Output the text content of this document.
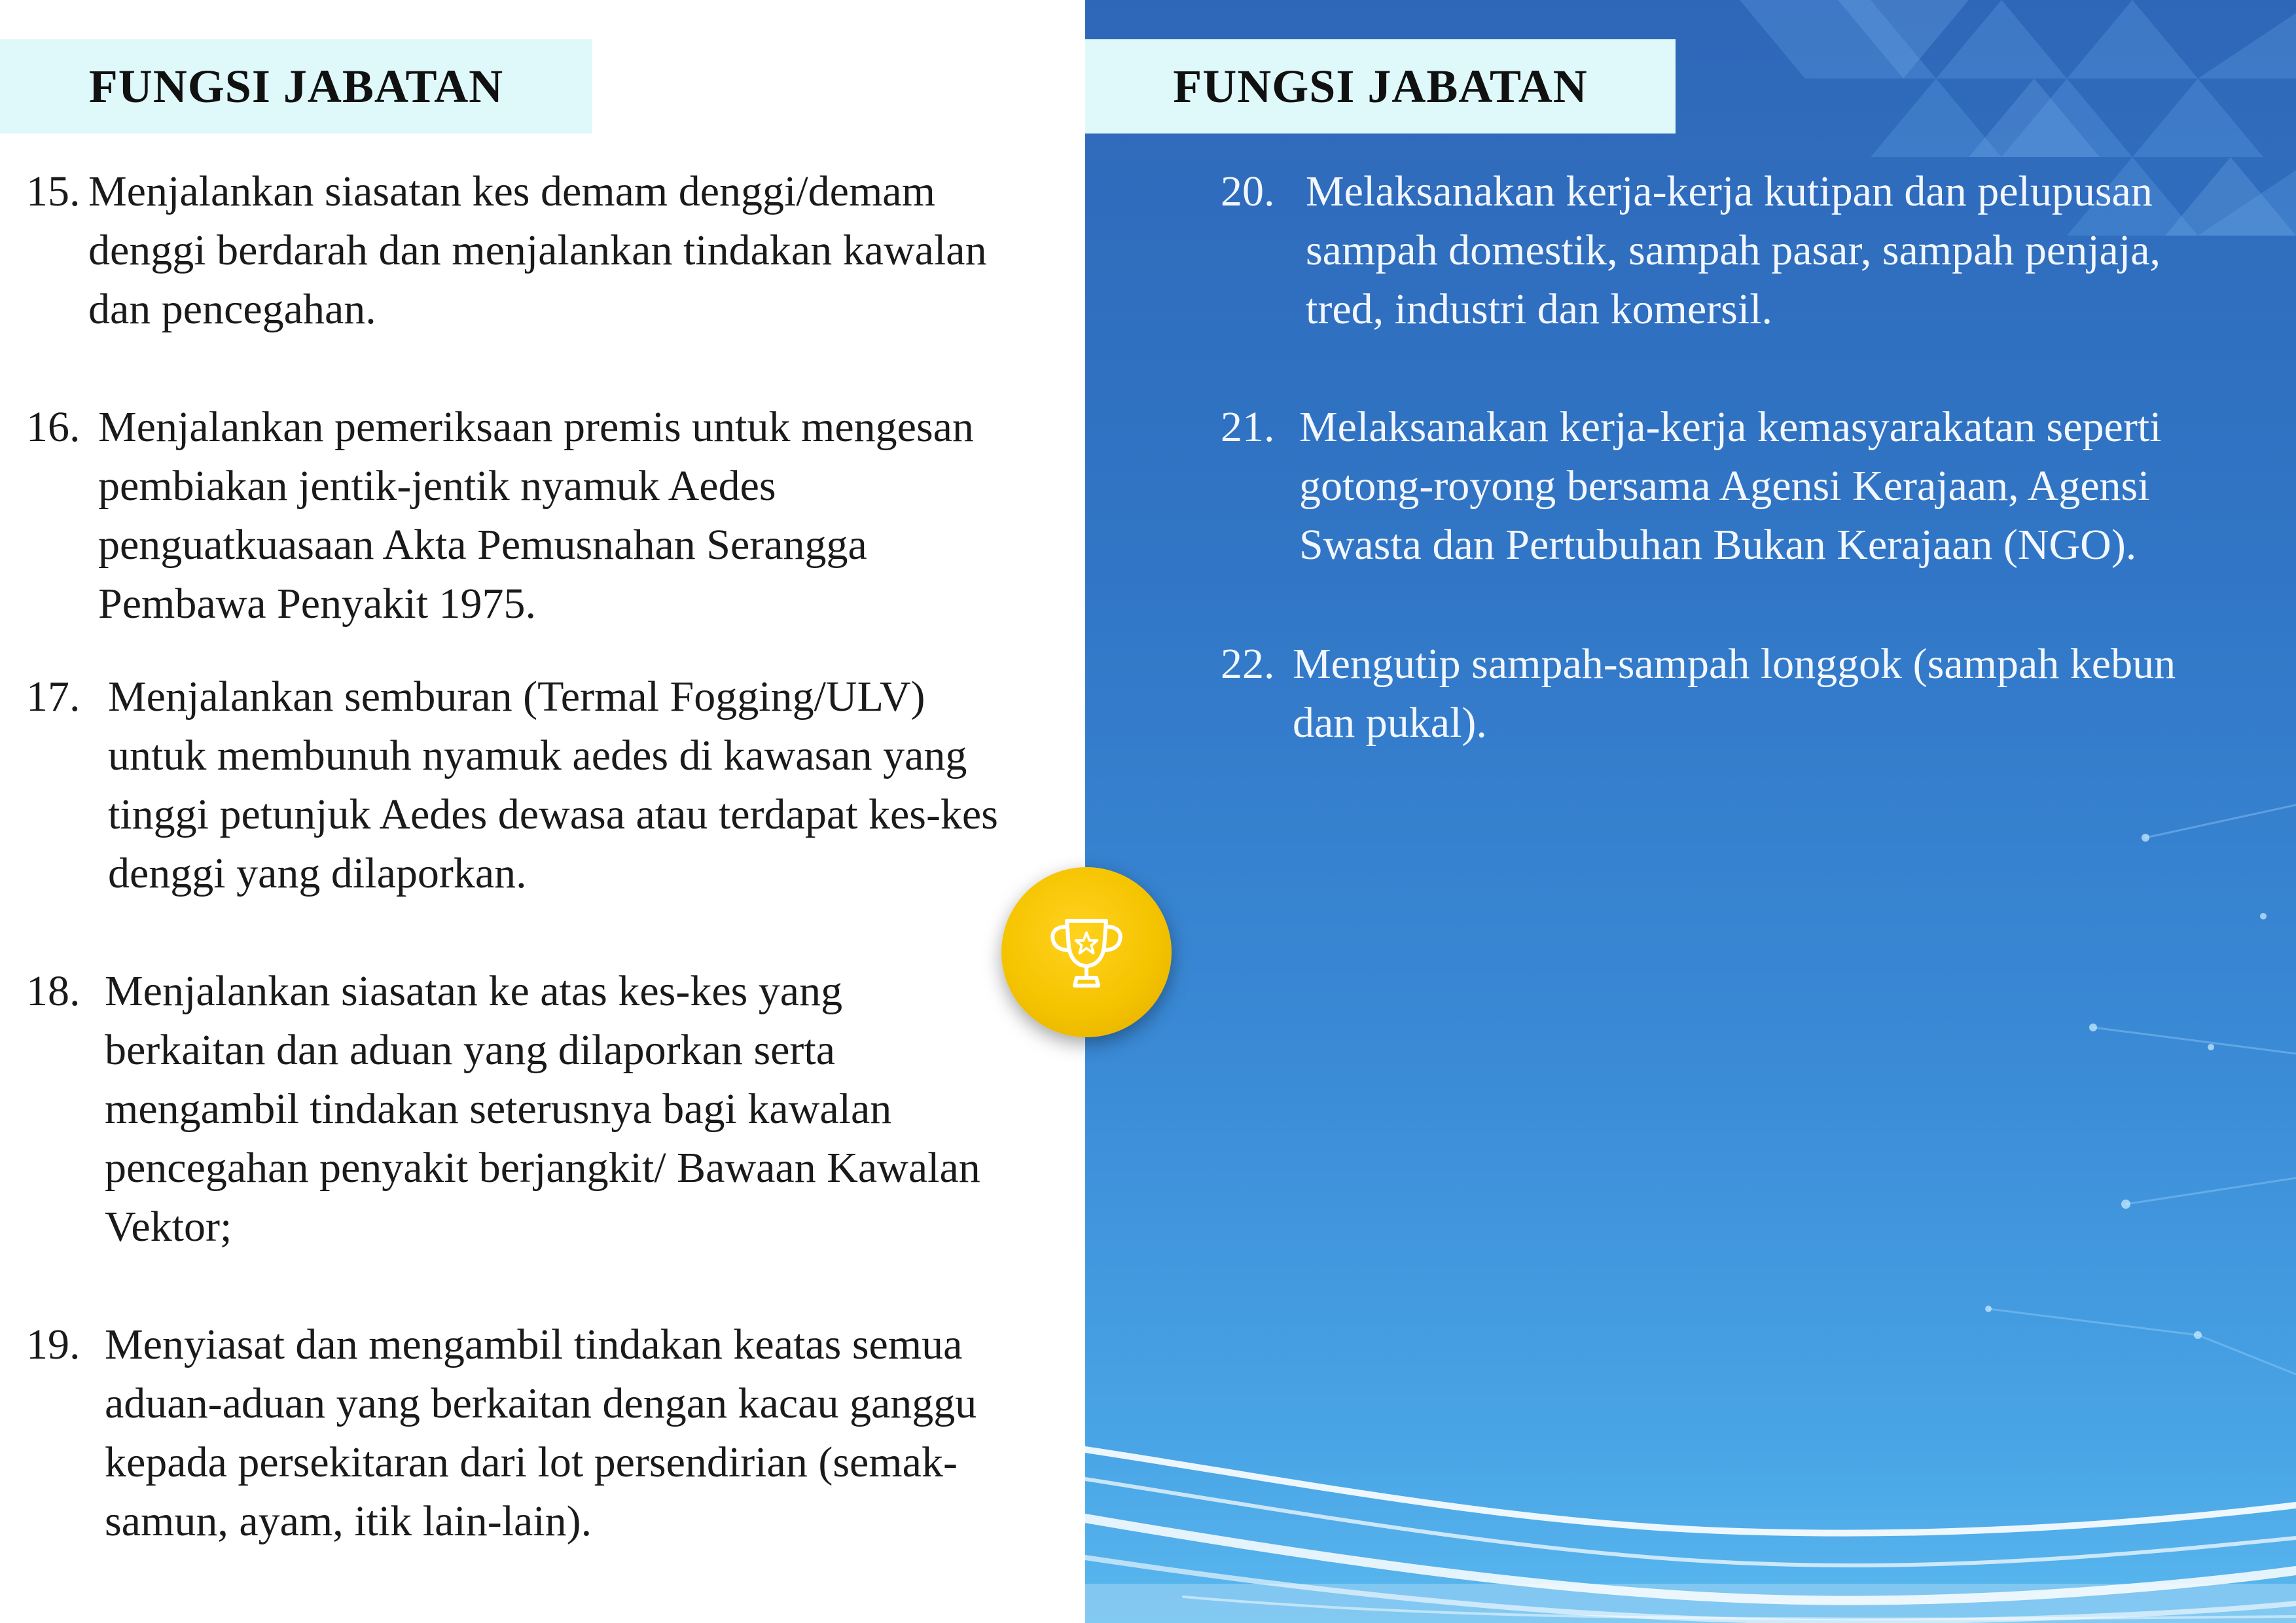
FUNGSI JABATAN	FUNGSI JABATAN
15. Menjalankan siasatan kes demam denggi/demam denggi berdarah dan menjalankan tindakan kawalan dan pencegahan.
16. Menjalankan pemeriksaan premis untuk mengesan pembiakan jentik-jentik nyamuk Aedes penguatkuasaan Akta Pemusnahan Serangga Pembawa Penyakit 1975.
17. Menjalankan semburan (Termal Fogging/ULV) untuk membunuh nyamuk aedes di kawasan yang tinggi petunjuk Aedes dewasa atau terdapat kes-kes denggi yang dilaporkan.
18. Menjalankan siasatan ke atas kes-kes yang berkaitan dan aduan yang dilaporkan serta mengambil tindakan seterusnya bagi kawalan pencegahan penyakit berjangkit/ Bawaan Kawalan Vektor;
19. Menyiasat dan mengambil tindakan keatas semua aduan-aduan yang berkaitan dengan kacau ganggu kepada persekitaran dari lot persendirian (semak-samun, ayam, itik lain-lain).
20. Melaksanakan kerja-kerja kutipan dan pelupusan sampah domestik, sampah pasar, sampah penjaja, tred, industri dan komersil.
21. Melaksanakan kerja-kerja kemasyarakatan seperti gotong-royong bersama Agensi Kerajaan, Agensi Swasta dan Pertubuhan Bukan Kerajaan (NGO).
22. Mengutip sampah-sampah longgok (sampah kebun dan pukal).
